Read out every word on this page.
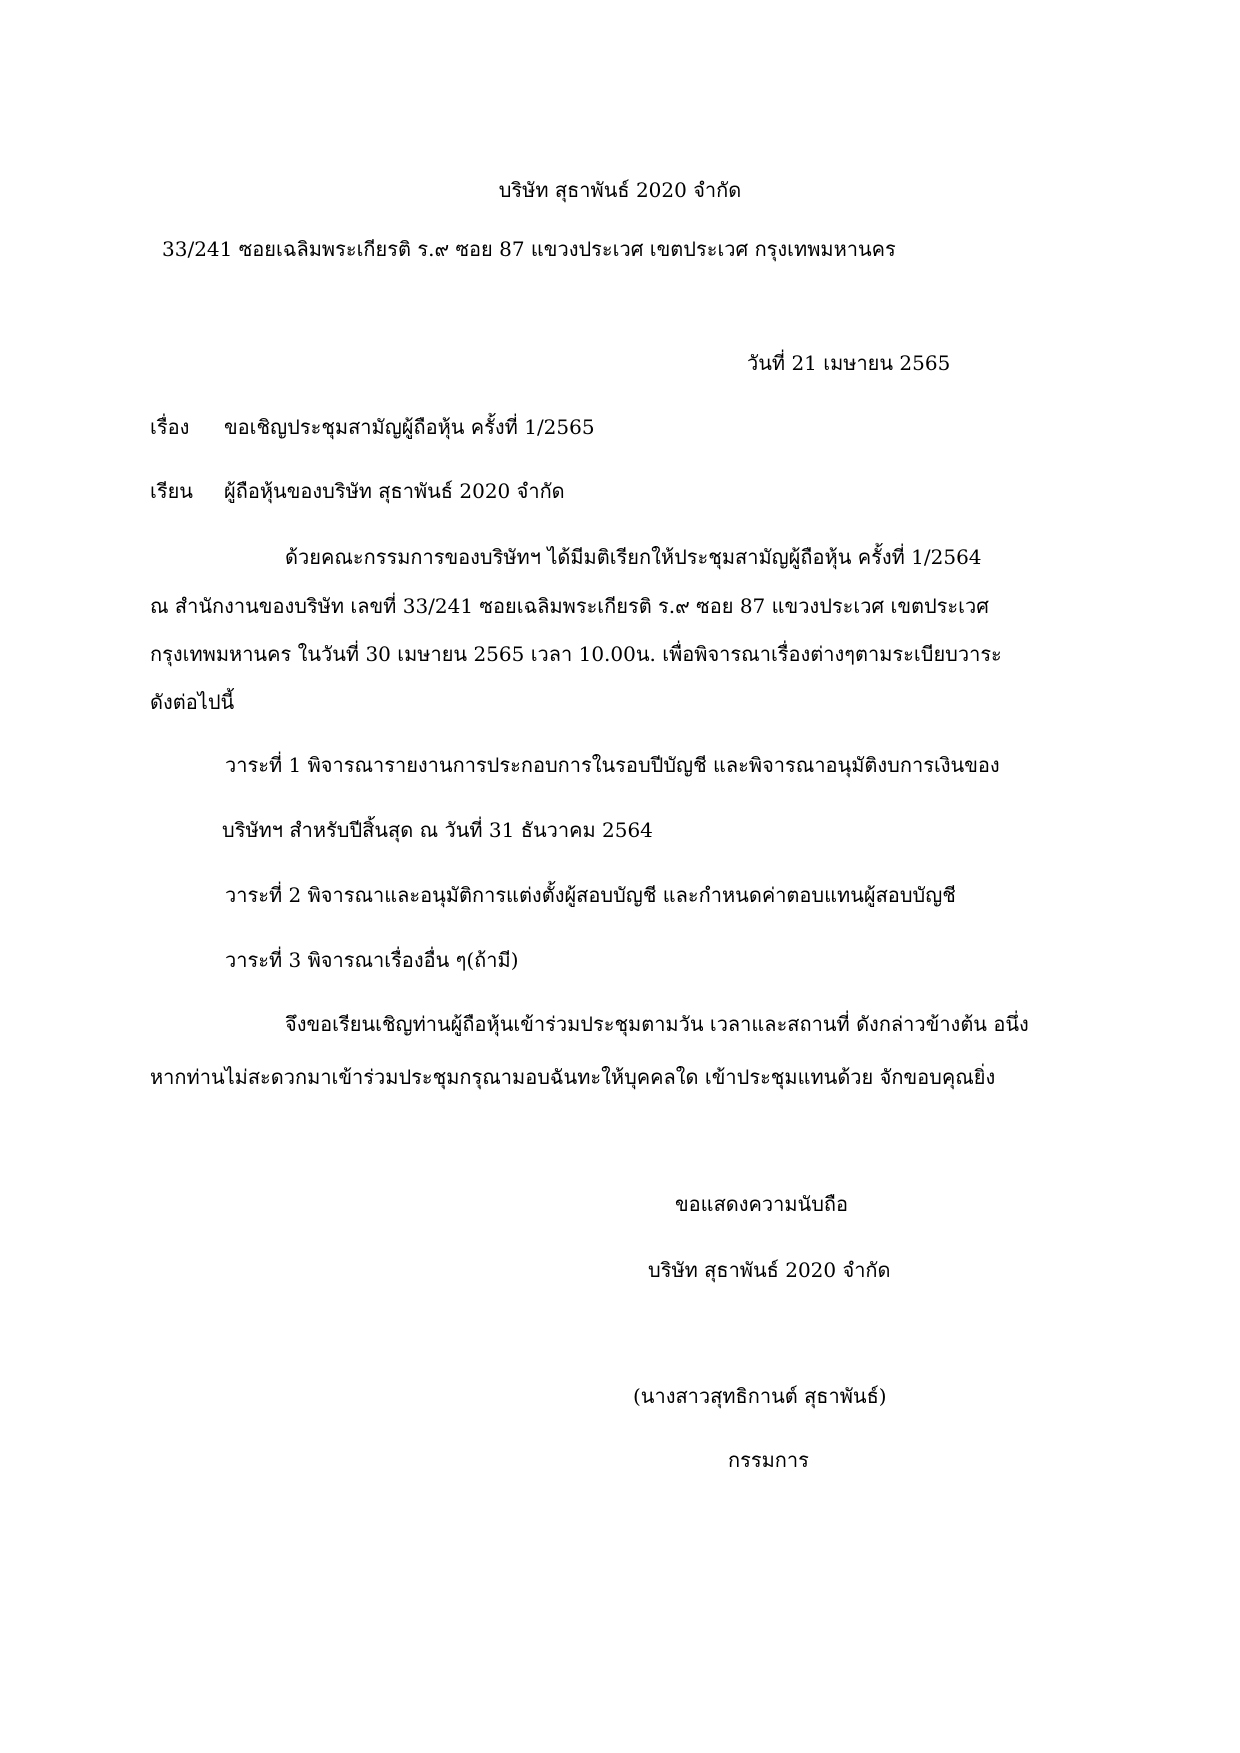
บริษัท สุธาพันธ์ 2020 จำกัด
33/241 ซอยเฉลิมพระเกียรติ ร.๙ ซอย 87 แขวงประเวศ เขตประเวศ กรุงเทพมหานคร
วันที่ 21 เมษายน 2565
เรื่อง ขอเชิญประชุมสามัญผู้ถือหุ้น ครั้งที่ 1/2565
เรียน ผู้ถือหุ้นของบริษัท สุธาพันธ์ 2020 จำกัด
ด้วยคณะกรรมการของบริษัทฯ ได้มีมติเรียกให้ประชุมสามัญผู้ถือหุ้น ครั้งที่ 1/2564
ณ สำนักงานของบริษัท เลขที่ 33/241 ซอยเฉลิมพระเกียรติ ร.๙ ซอย 87 แขวงประเวศ เขตประเวศ
กรุงเทพมหานคร ในวันที่ 30 เมษายน 2565 เวลา 10.00น. เพื่อพิจารณาเรื่องต่างๆตามระเบียบวาระ
ดังต่อไปนี้
วาระที่ 1 พิจารณารายงานการประกอบการในรอบปีบัญชี และพิจารณาอนุมัติงบการเงินของ
บริษัทฯ สำหรับปีสิ้นสุด ณ วันที่ 31 ธันวาคม 2564
วาระที่ 2 พิจารณาและอนุมัติการแต่งตั้งผู้สอบบัญชี และกำหนดค่าตอบแทนผู้สอบบัญชี
วาระที่ 3 พิจารณาเรื่องอื่น ๆ(ถ้ามี)
จึงขอเรียนเชิญท่านผู้ถือหุ้นเข้าร่วมประชุมตามวัน เวลาและสถานที่ ดังกล่าวข้างต้น อนึ่ง
หากท่านไม่สะดวกมาเข้าร่วมประชุมกรุณามอบฉันทะให้บุคคลใด เข้าประชุมแทนด้วย จักขอบคุณยิ่ง
ขอแสดงความนับถือ
บริษัท สุธาพันธ์ 2020 จำกัด
(นางสาวสุทธิกานต์ สุธาพันธ์)
กรรมการ
